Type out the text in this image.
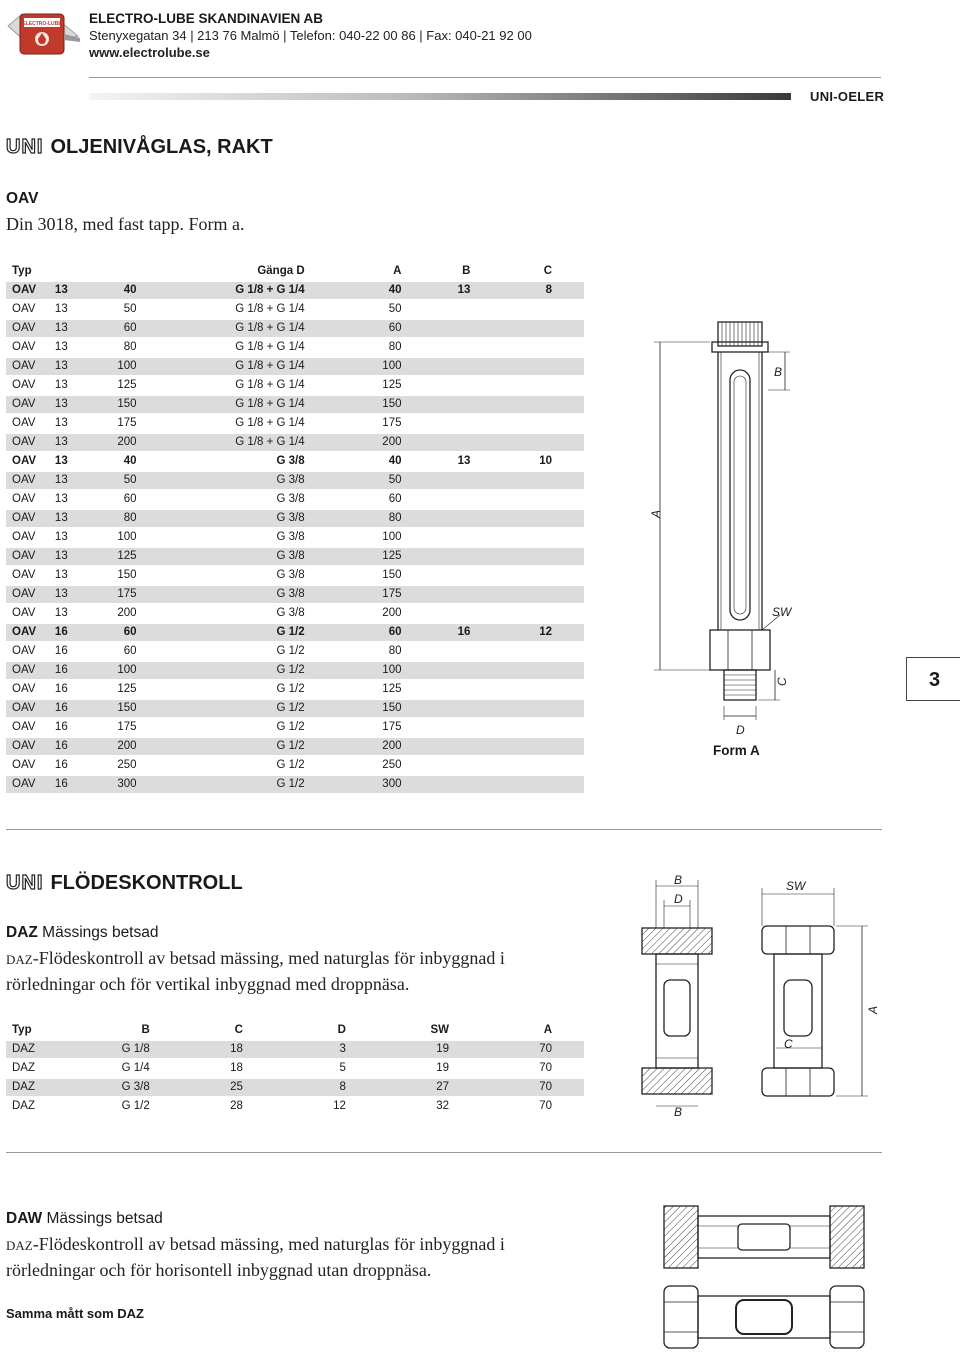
ELECTRO-LUBE ELECTRO-LUBE SKANDINAVIEN AB
Stenyxegatan 34 | 213 76 Malmö | Telefon: 040-22 00 86 | Fax: 040-21 92 00
www.electrolube.se
UNI-OELER
UNI OLJENIVÅGLAS, RAKT
OAV
Din 3018, med fast tapp. Form a.
Typ			Gänga D	A	B	C
OAV	13	40	G 1/8 + G 1/4	40	13	8
OAV	13	50	G 1/8 + G 1/4	50		
OAV	13	60	G 1/8 + G 1/4	60		
OAV	13	80	G 1/8 + G 1/4	80		
OAV	13	100	G 1/8 + G 1/4	100		
OAV	13	125	G 1/8 + G 1/4	125		
OAV	13	150	G 1/8 + G 1/4	150		
OAV	13	175	G 1/8 + G 1/4	175		
OAV	13	200	G 1/8 + G 1/4	200		
OAV	13	40	G 3/8	40	13	10
OAV	13	50	G 3/8	50		
OAV	13	60	G 3/8	60		
OAV	13	80	G 3/8	80		
OAV	13	100	G 3/8	100		
OAV	13	125	G 3/8	125		
OAV	13	150	G 3/8	150		
OAV	13	175	G 3/8	175		
OAV	13	200	G 3/8	200		
OAV	16	60	G 1/2	60	16	12
OAV	16	60	G 1/2	80		
OAV	16	100	G 1/2	100		
OAV	16	125	G 1/2	125		
OAV	16	150	G 1/2	150		
OAV	16	175	G 1/2	175		
OAV	16	200	G 1/2	200		
OAV	16	250	G 1/2	250		
OAV	16	300	G 1/2	300		
A
B
SW
C
D
Form A
3
UNI FLÖDESKONTROLL
DAZ Mässings betsad
daz-Flödeskontroll av betsad mässing, med naturglas för inbyggnad i rörledningar och för vertikal inbyggnad med droppnäsa.
Typ	B	C	D	SW	A
DAZ	G 1/8	18	3	19	70
DAZ	G 1/4	18	5	19	70
DAZ	G 3/8	25	8	27	70
DAZ	G 1/2	28	12	32	70
B
D
SW
A
C
B
DAW Mässings betsad
daz-Flödeskontroll av betsad mässing, med naturglas för inbyggnad i rörledningar och för horisontell inbyggnad utan droppnäsa.
Samma mått som DAZ
